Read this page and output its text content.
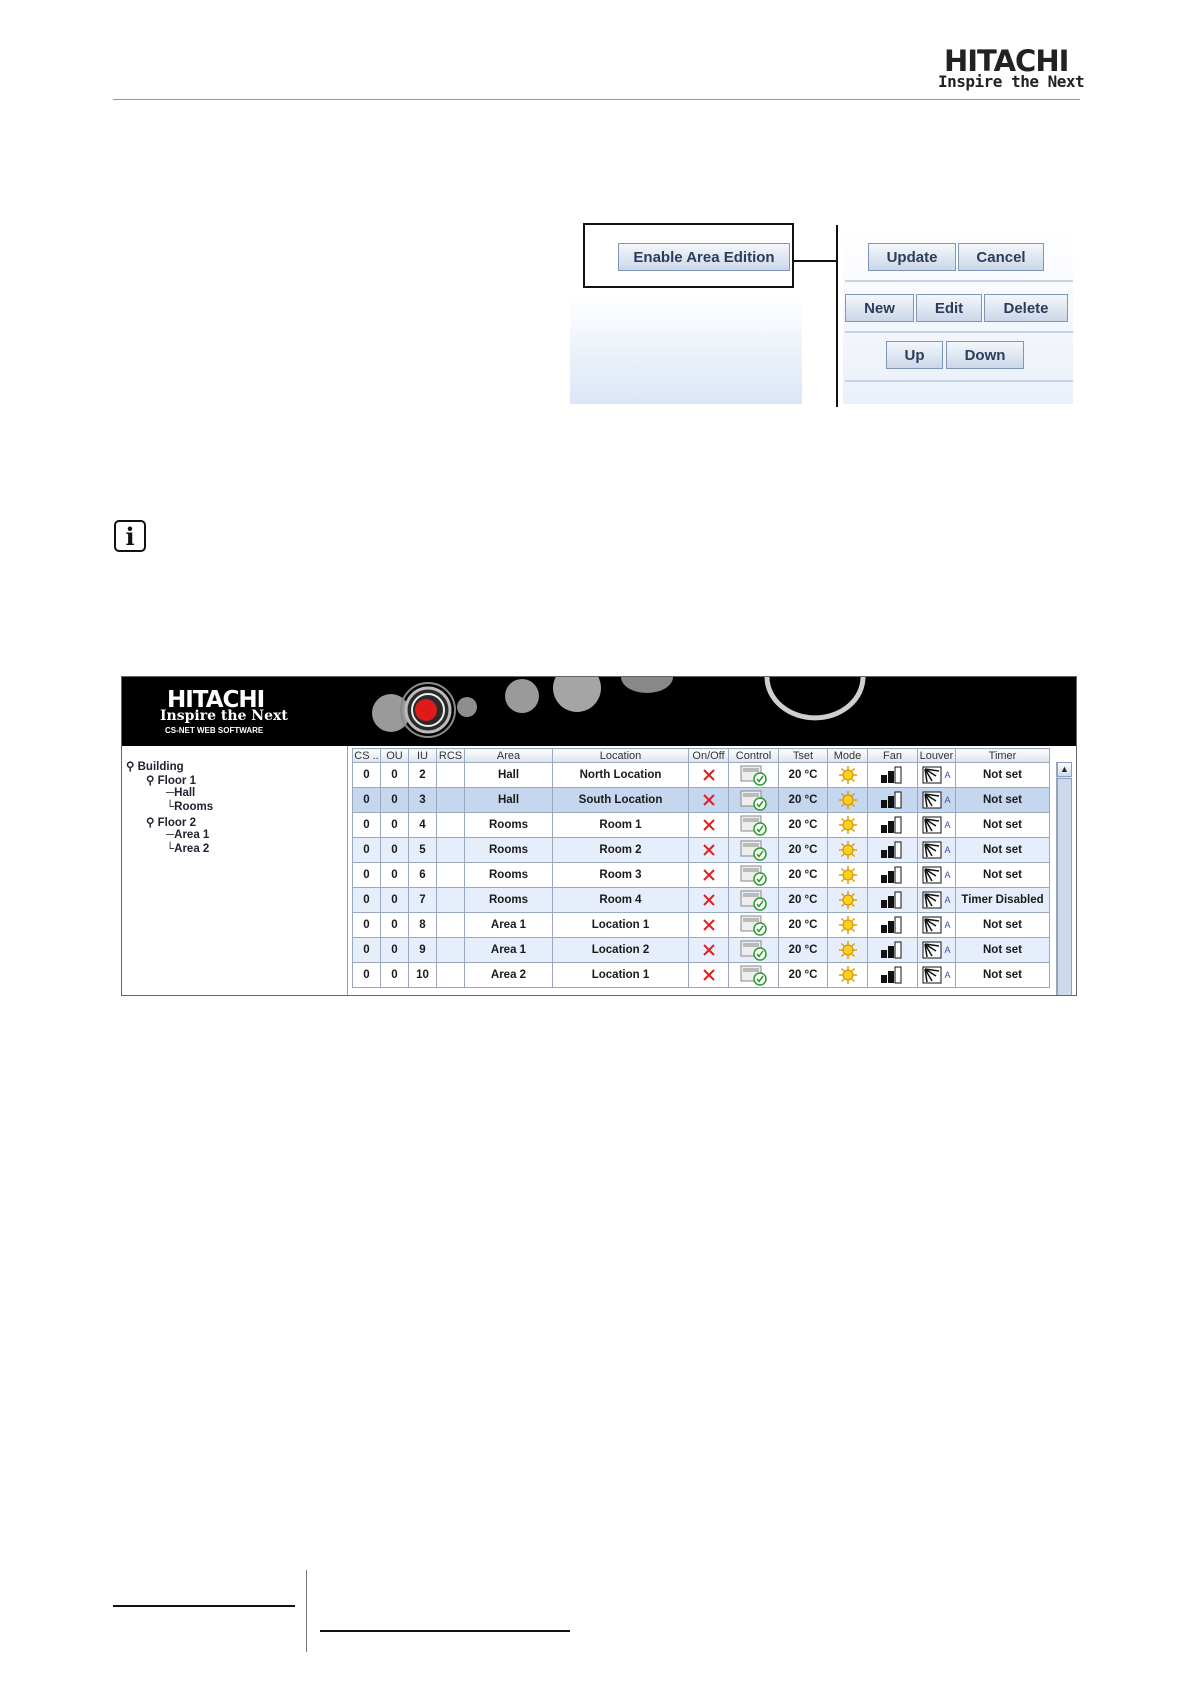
HITACHI
Inspire the Next
Enable Area Edition	Update	Cancel
New	Edit	Delete
Up	Down
i
HITACHI
Inspire the Next
CS-NET WEB SOFTWARE
⚲ Building
⚲ Floor 1
─Hall
└Rooms
⚲ Floor 2
─Area 1
└Area 2
CS ..	OU	IU	RCS	Area	Location	On/Off	Control	Tset	Mode	Fan	Louver	Timer
0	0	2		Hall	North Location			20 °C			A	Not set
0	0	3		Hall	South Location			20 °C			A	Not set
0	0	4		Rooms	Room 1			20 °C			A	Not set
0	0	5		Rooms	Room 2			20 °C			A	Not set
0	0	6		Rooms	Room 3			20 °C			A	Not set
0	0	7		Rooms	Room 4			20 °C			A	Timer Disabled
0	0	8		Area 1	Location 1			20 °C			A	Not set
0	0	9		Area 1	Location 2			20 °C			A	Not set
0	0	10		Area 2	Location 1			20 °C			A	Not set
▲
